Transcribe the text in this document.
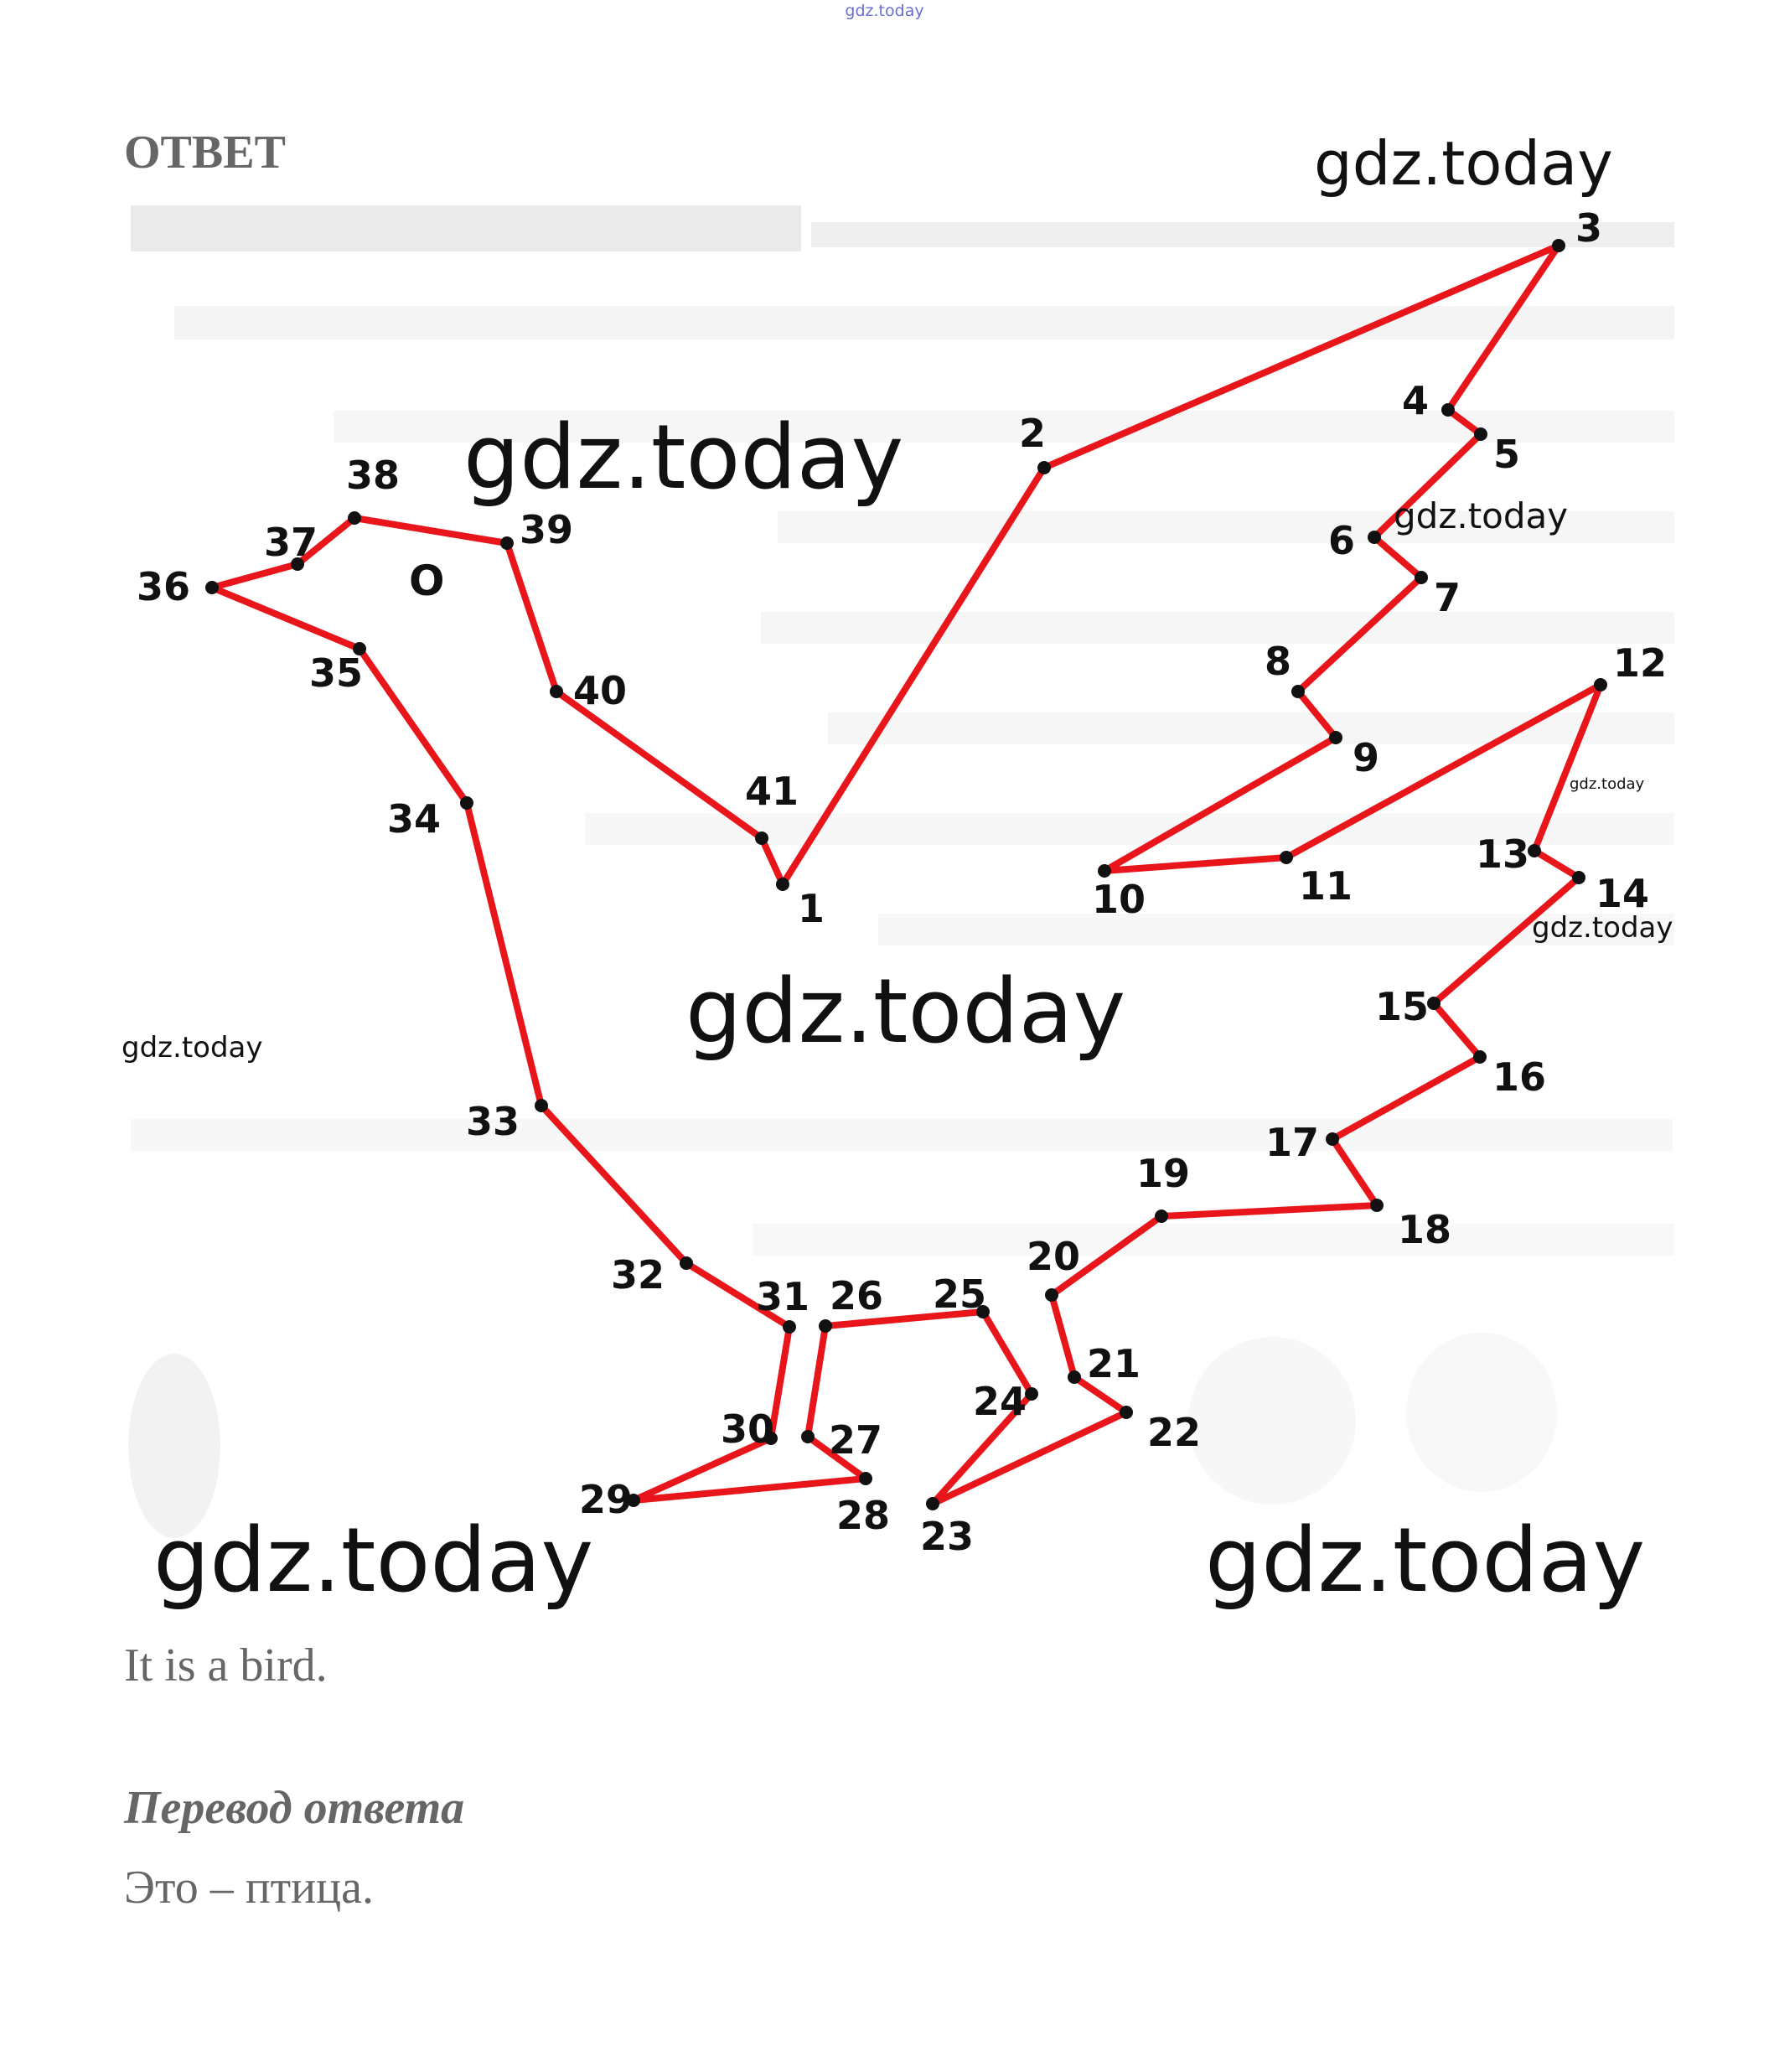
gdz.today
ОТВЕТ
1
2
3
4
5
6
7
8
9
10	11
12
13
14
15
16
17
18
19
20
21
22
23
24
25
26
27
28
29
30
31
32
33
34
35
36
37
38
39
40
41
O
gdz.today
gdz.today
gdz.today
gdz.today
gdz.today
gdz.today
gdz.today
gdz.today	gdz.today

It is a bird.

Перевод ответа

Это – птица.
